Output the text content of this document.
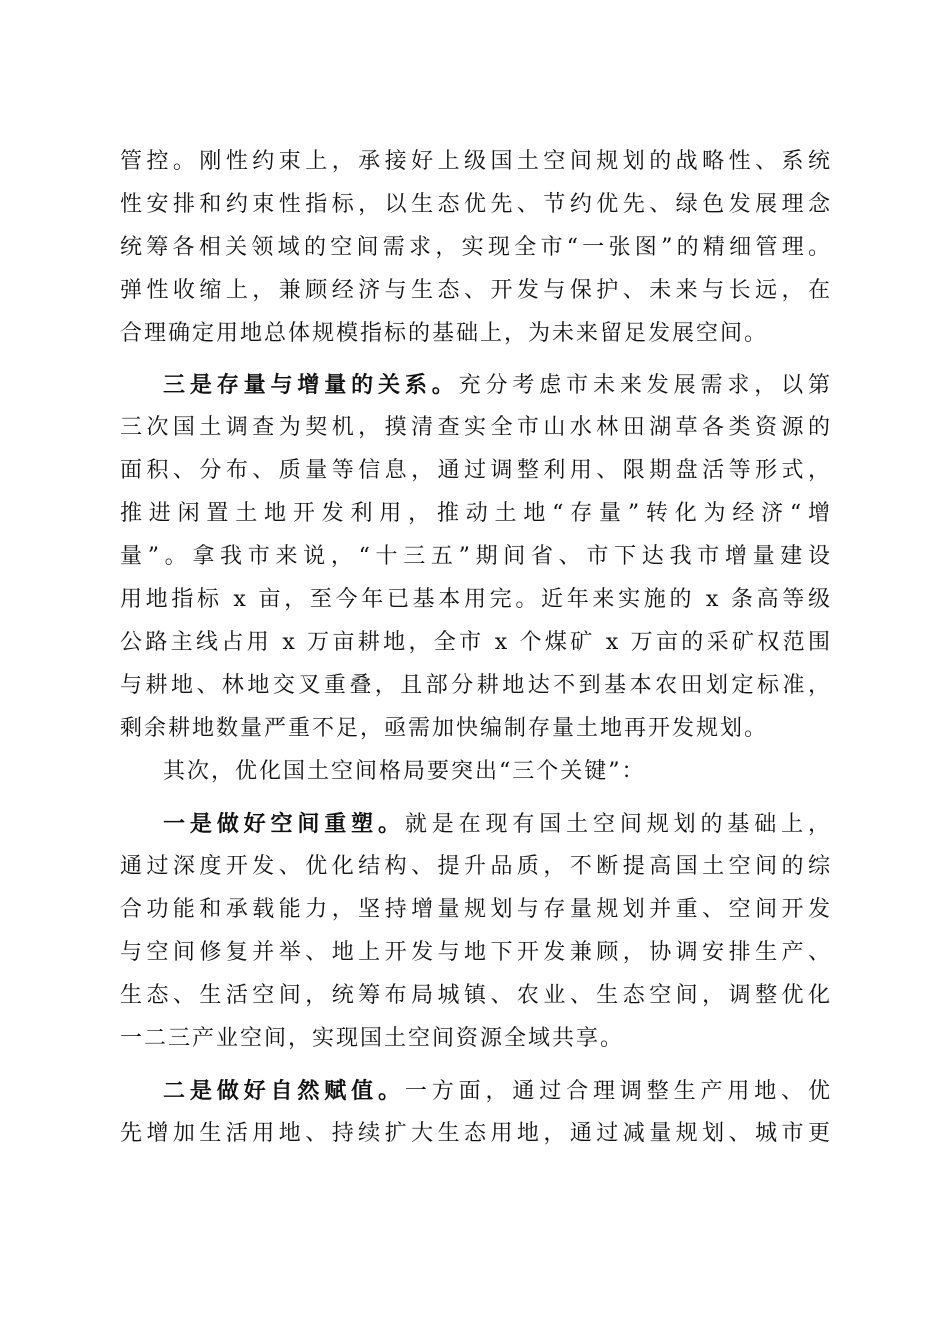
管控。刚性约束上，承接好上级国土空间规划的战略性、系统
性安排和约束性指标，以生态优先、节约优先、绿色发展理念
统筹各相关领域的空间需求，实现全市“一张图”的精细管理。
弹性收缩上，兼顾经济与生态、开发与保护、未来与长远，在
合理确定用地总体规模指标的基础上，为未来留足发展空间。
三是存量与增量的关系。充分考虑市未来发展需求，以第
三次国土调查为契机，摸清查实全市山水林田湖草各类资源的
面积、分布、质量等信息，通过调整利用、限期盘活等形式，
推进闲置土地开发利用，推动土地“存量”转化为经济“增
量”。拿我市来说，“十三五”期间省、市下达我市增量建设
用地指标 x 亩，至今年已基本用完。近年来实施的 x 条高等级
公路主线占用 x 万亩耕地，全市 x 个煤矿 x 万亩的采矿权范围
与耕地、林地交叉重叠，且部分耕地达不到基本农田划定标准，
剩余耕地数量严重不足，亟需加快编制存量土地再开发规划。
其次，优化国土空间格局要突出“三个关键”：
一是做好空间重塑。就是在现有国土空间规划的基础上，
通过深度开发、优化结构、提升品质，不断提高国土空间的综
合功能和承载能力，坚持增量规划与存量规划并重、空间开发
与空间修复并举、地上开发与地下开发兼顾，协调安排生产、
生态、生活空间，统筹布局城镇、农业、生态空间，调整优化
一二三产业空间，实现国土空间资源全域共享。
二是做好自然赋值。一方面，通过合理调整生产用地、优
先增加生活用地、持续扩大生态用地，通过减量规划、城市更
